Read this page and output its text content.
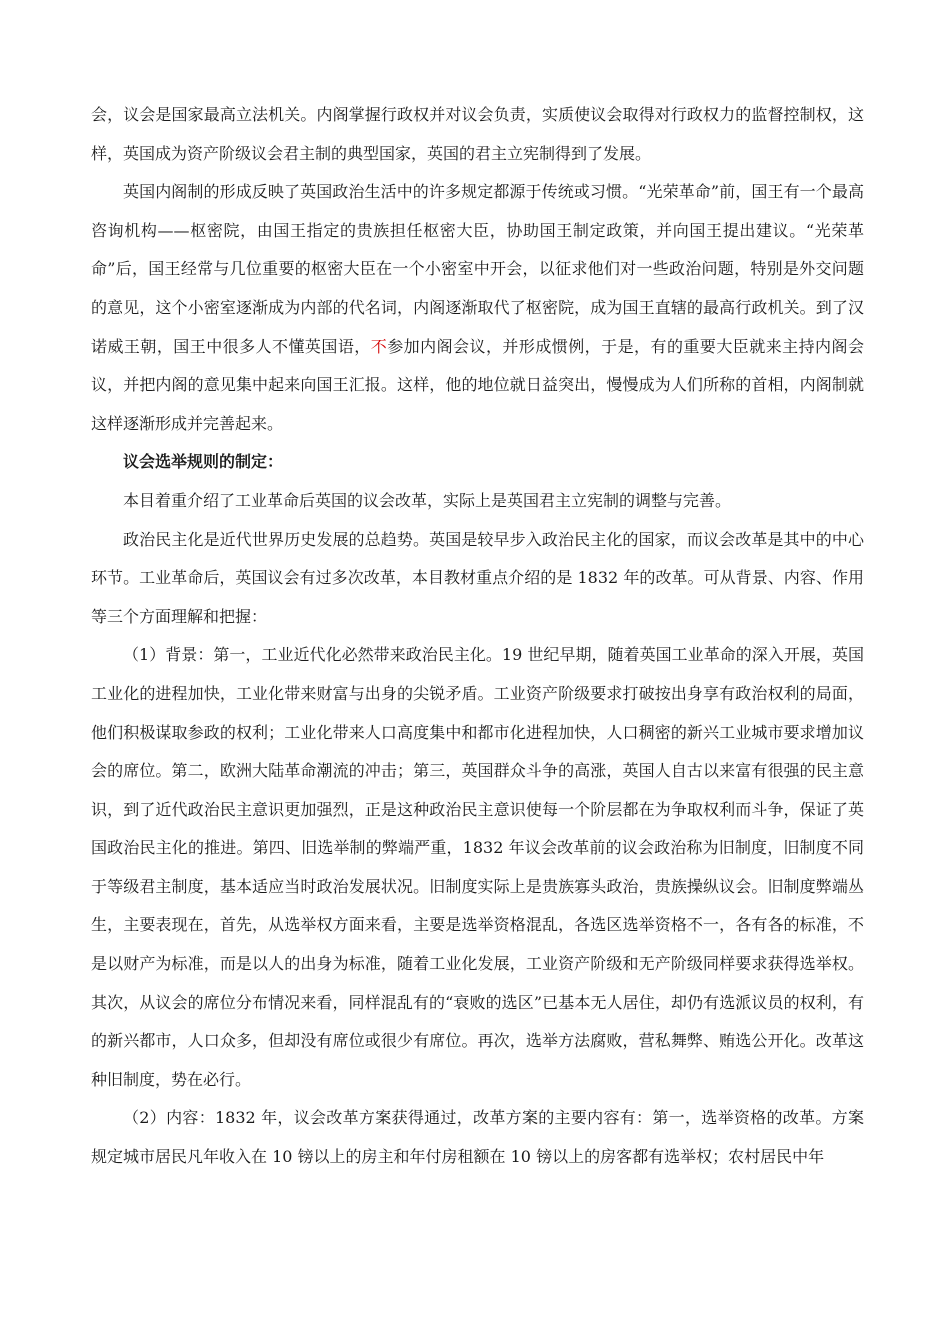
会，议会是国家最高立法机关。内阁掌握行政权并对议会负责，实质使议会取得对行政权力的监督控制权，这样，英国成为资产阶级议会君主制的典型国家，英国的君主立宪制得到了发展。

英国内阁制的形成反映了英国政治生活中的许多规定都源于传统或习惯。“光荣革命”前，国王有一个最高咨询机构——枢密院，由国王指定的贵族担任枢密大臣，协助国王制定政策，并向国王提出建议。“光荣革命”后，国王经常与几位重要的枢密大臣在一个小密室中开会，以征求他们对一些政治问题，特别是外交问题的意见，这个小密室逐渐成为内部的代名词，内阁逐渐取代了枢密院，成为国王直辖的最高行政机关。到了汉诺威王朝，国王中很多人不懂英国语，不参加内阁会议，并形成惯例，于是，有的重要大臣就来主持内阁会议，并把内阁的意见集中起来向国王汇报。这样，他的地位就日益突出，慢慢成为人们所称的首相，内阁制就这样逐渐形成并完善起来。

议会选举规则的制定：

本目着重介绍了工业革命后英国的议会改革，实际上是英国君主立宪制的调整与完善。

政治民主化是近代世界历史发展的总趋势。英国是较早步入政治民主化的国家，而议会改革是其中的中心环节。工业革命后，英国议会有过多次改革，本目教材重点介绍的是 1832 年的改革。可从背景、内容、作用等三个方面理解和把握：

（1）背景：第一，工业近代化必然带来政治民主化。19 世纪早期，随着英国工业革命的深入开展，英国工业化的进程加快，工业化带来财富与出身的尖锐矛盾。工业资产阶级要求打破按出身享有政治权利的局面，他们积极谋取参政的权利；工业化带来人口高度集中和都市化进程加快，人口稠密的新兴工业城市要求增加议会的席位。第二，欧洲大陆革命潮流的冲击；第三，英国群众斗争的高涨，英国人自古以来富有很强的民主意识，到了近代政治民主意识更加强烈，正是这种政治民主意识使每一个阶层都在为争取权利而斗争，保证了英国政治民主化的推进。第四、旧选举制的弊端严重，1832 年议会改革前的议会政治称为旧制度，旧制度不同于等级君主制度，基本适应当时政治发展状况。旧制度实际上是贵族寡头政治，贵族操纵议会。旧制度弊端丛生，主要表现在，首先，从选举权方面来看，主要是选举资格混乱，各选区选举资格不一，各有各的标准，不是以财产为标准，而是以人的出身为标准，随着工业化发展，工业资产阶级和无产阶级同样要求获得选举权。其次，从议会的席位分布情况来看，同样混乱有的“衰败的选区”已基本无人居住，却仍有选派议员的权利，有的新兴都市，人口众多，但却没有席位或很少有席位。再次，选举方法腐败，营私舞弊、贿选公开化。改革这种旧制度，势在必行。

（2）内容：1832 年，议会改革方案获得通过，改革方案的主要内容有：第一，选举资格的改革。方案规定城市居民凡年收入在 10 镑以上的房主和年付房租额在 10 镑以上的房客都有选举权；农村居民中年
